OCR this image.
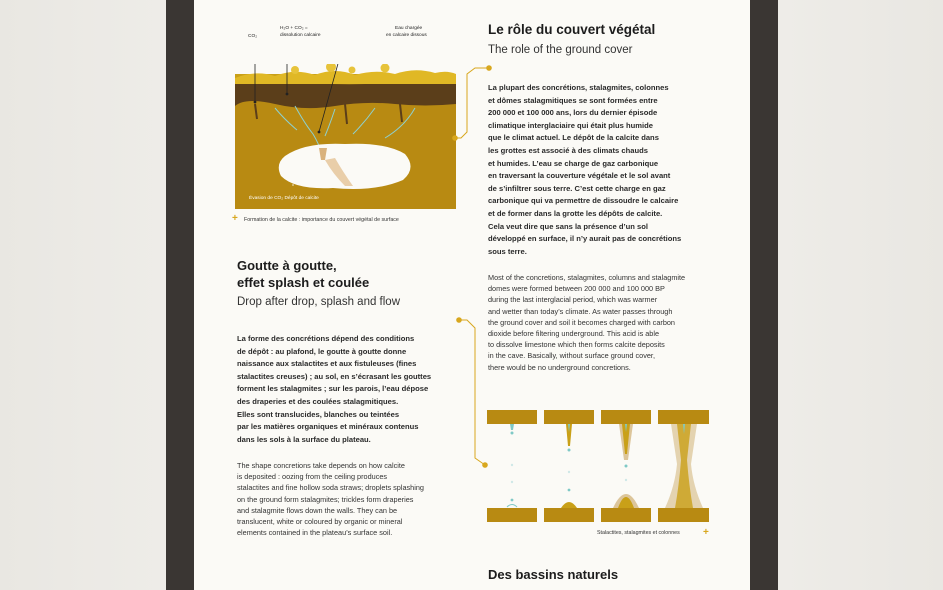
CO₂
H₂O + CO₂ =
dissolution calcaire
Eau chargée
en calcaire dissous
Évasion de CO₂ Dépôt de calcite
+ Formation de la calcite : importance du couvert végétal de surface
Le rôle du couvert végétal
The role of the ground cover

La plupart des concrétions, stalagmites, colonnes

et dômes stalagmitiques se sont formées entre

200 000 et 100 000 ans, lors du dernier épisode

climatique interglaciaire qui était plus humide

que le climat actuel. Le dépôt de la calcite dans

les grottes est associé à des climats chauds

et humides. L’eau se charge de gaz carbonique

en traversant la couverture végétale et le sol avant

de s’infiltrer sous terre. C’est cette charge en gaz

carbonique qui va permettre de dissoudre le calcaire

et de former dans la grotte les dépôts de calcite.

Cela veut dire que sans la présence d’un sol

développé en surface, il n’y aurait pas de concrétions

sous terre.

Most of the concretions, stalagmites, columns and stalagmite

domes were formed between 200 000 and 100 000 BP

during the last interglacial period, which was warmer

and wetter than today’s climate. As water passes through

the ground cover and soil it becomes charged with carbon

dioxide before filtering underground. This acid is able

to dissolve limestone which then forms calcite deposits

in the cave. Basically, without surface ground cover,

there would be no underground concretions.

Goutte à goutte,
effet splash et coulée
Drop after drop, splash and flow

La forme des concrétions dépend des conditions

de dépôt : au plafond, le goutte à goutte donne

naissance aux stalactites et aux fistuleuses (fines

stalactites creuses) ; au sol, en s’écrasant les gouttes

forment les stalagmites ; sur les parois, l’eau dépose

des draperies et des coulées stalagmitiques.

Elles sont translucides, blanches ou teintées

par les matières organiques et minéraux contenus

dans les sols à la surface du plateau.

The shape concretions take depends on how calcite

is deposited : oozing from the ceiling produces

stalactites and fine hollow soda straws; droplets splashing

on the ground form stalagmites; trickles form draperies

and stalagmite flows down the walls. They can be

translucent, white or coloured by organic or mineral

elements contained in the plateau’s surface soil.	Stalactites, stalagmites et colonnes +
Des bassins naturels
